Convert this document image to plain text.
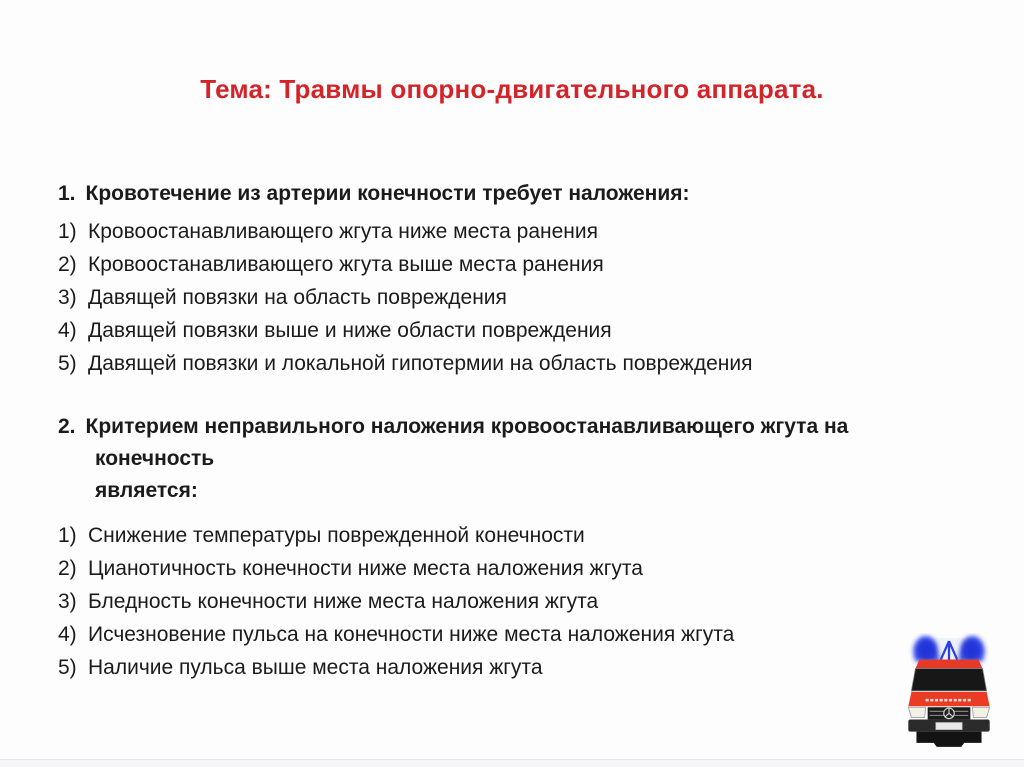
Тема: Травмы опорно-двигательного аппарата.
1. Кровотечение из артерии конечности требует наложения:
1) Кровоостанавливающего жгута ниже места ранения
2) Кровоостанавливающего жгута выше места ранения
3) Давящей повязки на область повреждения
4) Давящей повязки выше и ниже области повреждения
5) Давящей повязки и локальной гипотермии на область повреждения
2. Критерием неправильного наложения кровоостанавливающего жгута на конечность
является:
1) Снижение температуры поврежденной конечности
2) Цианотичность конечности ниже места наложения жгута
3) Бледность конечности ниже места наложения жгута
4) Исчезновение пульса на конечности ниже места наложения жгута
5) Наличие пульса выше места наложения жгута
